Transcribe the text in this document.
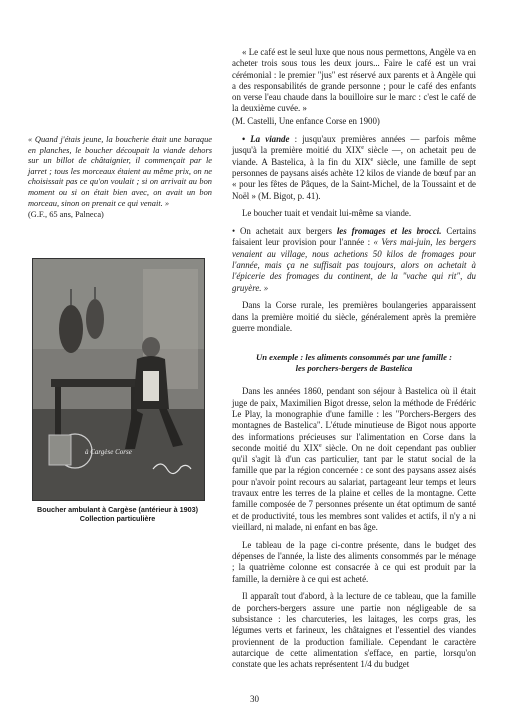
« Quand j'étais jeune, la boucherie était une baraque en planches, le boucher découpait la viande dehors sur un billot de châtaignier, il commençait par le jarret ; tous les morceaux étaient au même prix, on ne choisissait pas ce qu'on voulait ; si on arrivait au bon moment ou si on était bien avec, on avait un bon morceau, sinon on prenait ce qui venait. »
(G.F., 65 ans, Palneca)
à Cargèse Corse
Boucher ambulant à Cargèse (antérieur à 1903)
Collection particulière

« Le café est le seul luxe que nous nous permettons, Angèle va en acheter trois sous tous les deux jours... Faire le café est un vrai cérémonial : le premier "jus" est réservé aux parents et à Angèle qui a des responsabilités de grande personne ; pour le café des enfants on verse l'eau chaude dans la bouilloire sur le marc : c'est le café de la deuxième cuvée. »

(M. Castelli, Une enfance Corse en 1900)

• La viande : jusqu'aux premières années — parfois même jusqu'à la première moitié du XIXe siècle —, on achetait peu de viande. A Bastelica, à la fin du XIXe siècle, une famille de sept personnes de paysans aisés achète 12 kilos de viande de bœuf par an « pour les fêtes de Pâques, de la Saint-Michel, de la Toussaint et de Noël » (M. Bigot, p. 41).

Le boucher tuait et vendait lui-même sa viande.

• On achetait aux bergers les fromages et les brocci. Certains faisaient leur provision pour l'année : « Vers mai-juin, les bergers venaient au village, nous achetions 50 kilos de fromages pour l'année, mais ça ne suffisait pas toujours, alors on achetait à l'épicerie des fromages du continent, de la "vache qui rit", du gruyère. »

Dans la Corse rurale, les premières boulangeries apparaissent dans la première moitié du siècle, généralement après la première guerre mondiale.

Un exemple : les aliments consommés par une famille :
les porchers-bergers de Bastelica

Dans les années 1860, pendant son séjour à Bastelica où il était juge de paix, Maximilien Bigot dresse, selon la méthode de Frédéric Le Play, la monographie d'une famille : les "Porchers-Bergers des montagnes de Bastelica". L'étude minutieuse de Bigot nous apporte des informations précieuses sur l'alimentation en Corse dans la seconde moitié du XIXe siècle. On ne doit cependant pas oublier qu'il s'agit là d'un cas particulier, tant par le statut social de la famille que par la région concernée : ce sont des paysans assez aisés pour n'avoir point recours au salariat, partageant leur temps et leurs travaux entre les terres de la plaine et celles de la montagne. Cette famille composée de 7 personnes présente un état optimum de santé et de productivité, tous les membres sont valides et actifs, il n'y a ni vieillard, ni malade, ni enfant en bas âge.

Le tableau de la page ci-contre présente, dans le budget des dépenses de l'année, la liste des aliments consommés par le ménage ; la quatrième colonne est consacrée à ce qui est produit par la famille, la dernière à ce qui est acheté.

Il apparaît tout d'abord, à la lecture de ce tableau, que la famille de porchers-bergers assure une partie non négligeable de sa subsistance : les charcuteries, les laitages, les corps gras, les légumes verts et farineux, les châtaignes et l'essentiel des viandes proviennent de la production familiale. Cependant le caractère autarcique de cette alimentation s'efface, en partie, lorsqu'on constate que les achats représentent 1/4 du budget

30
